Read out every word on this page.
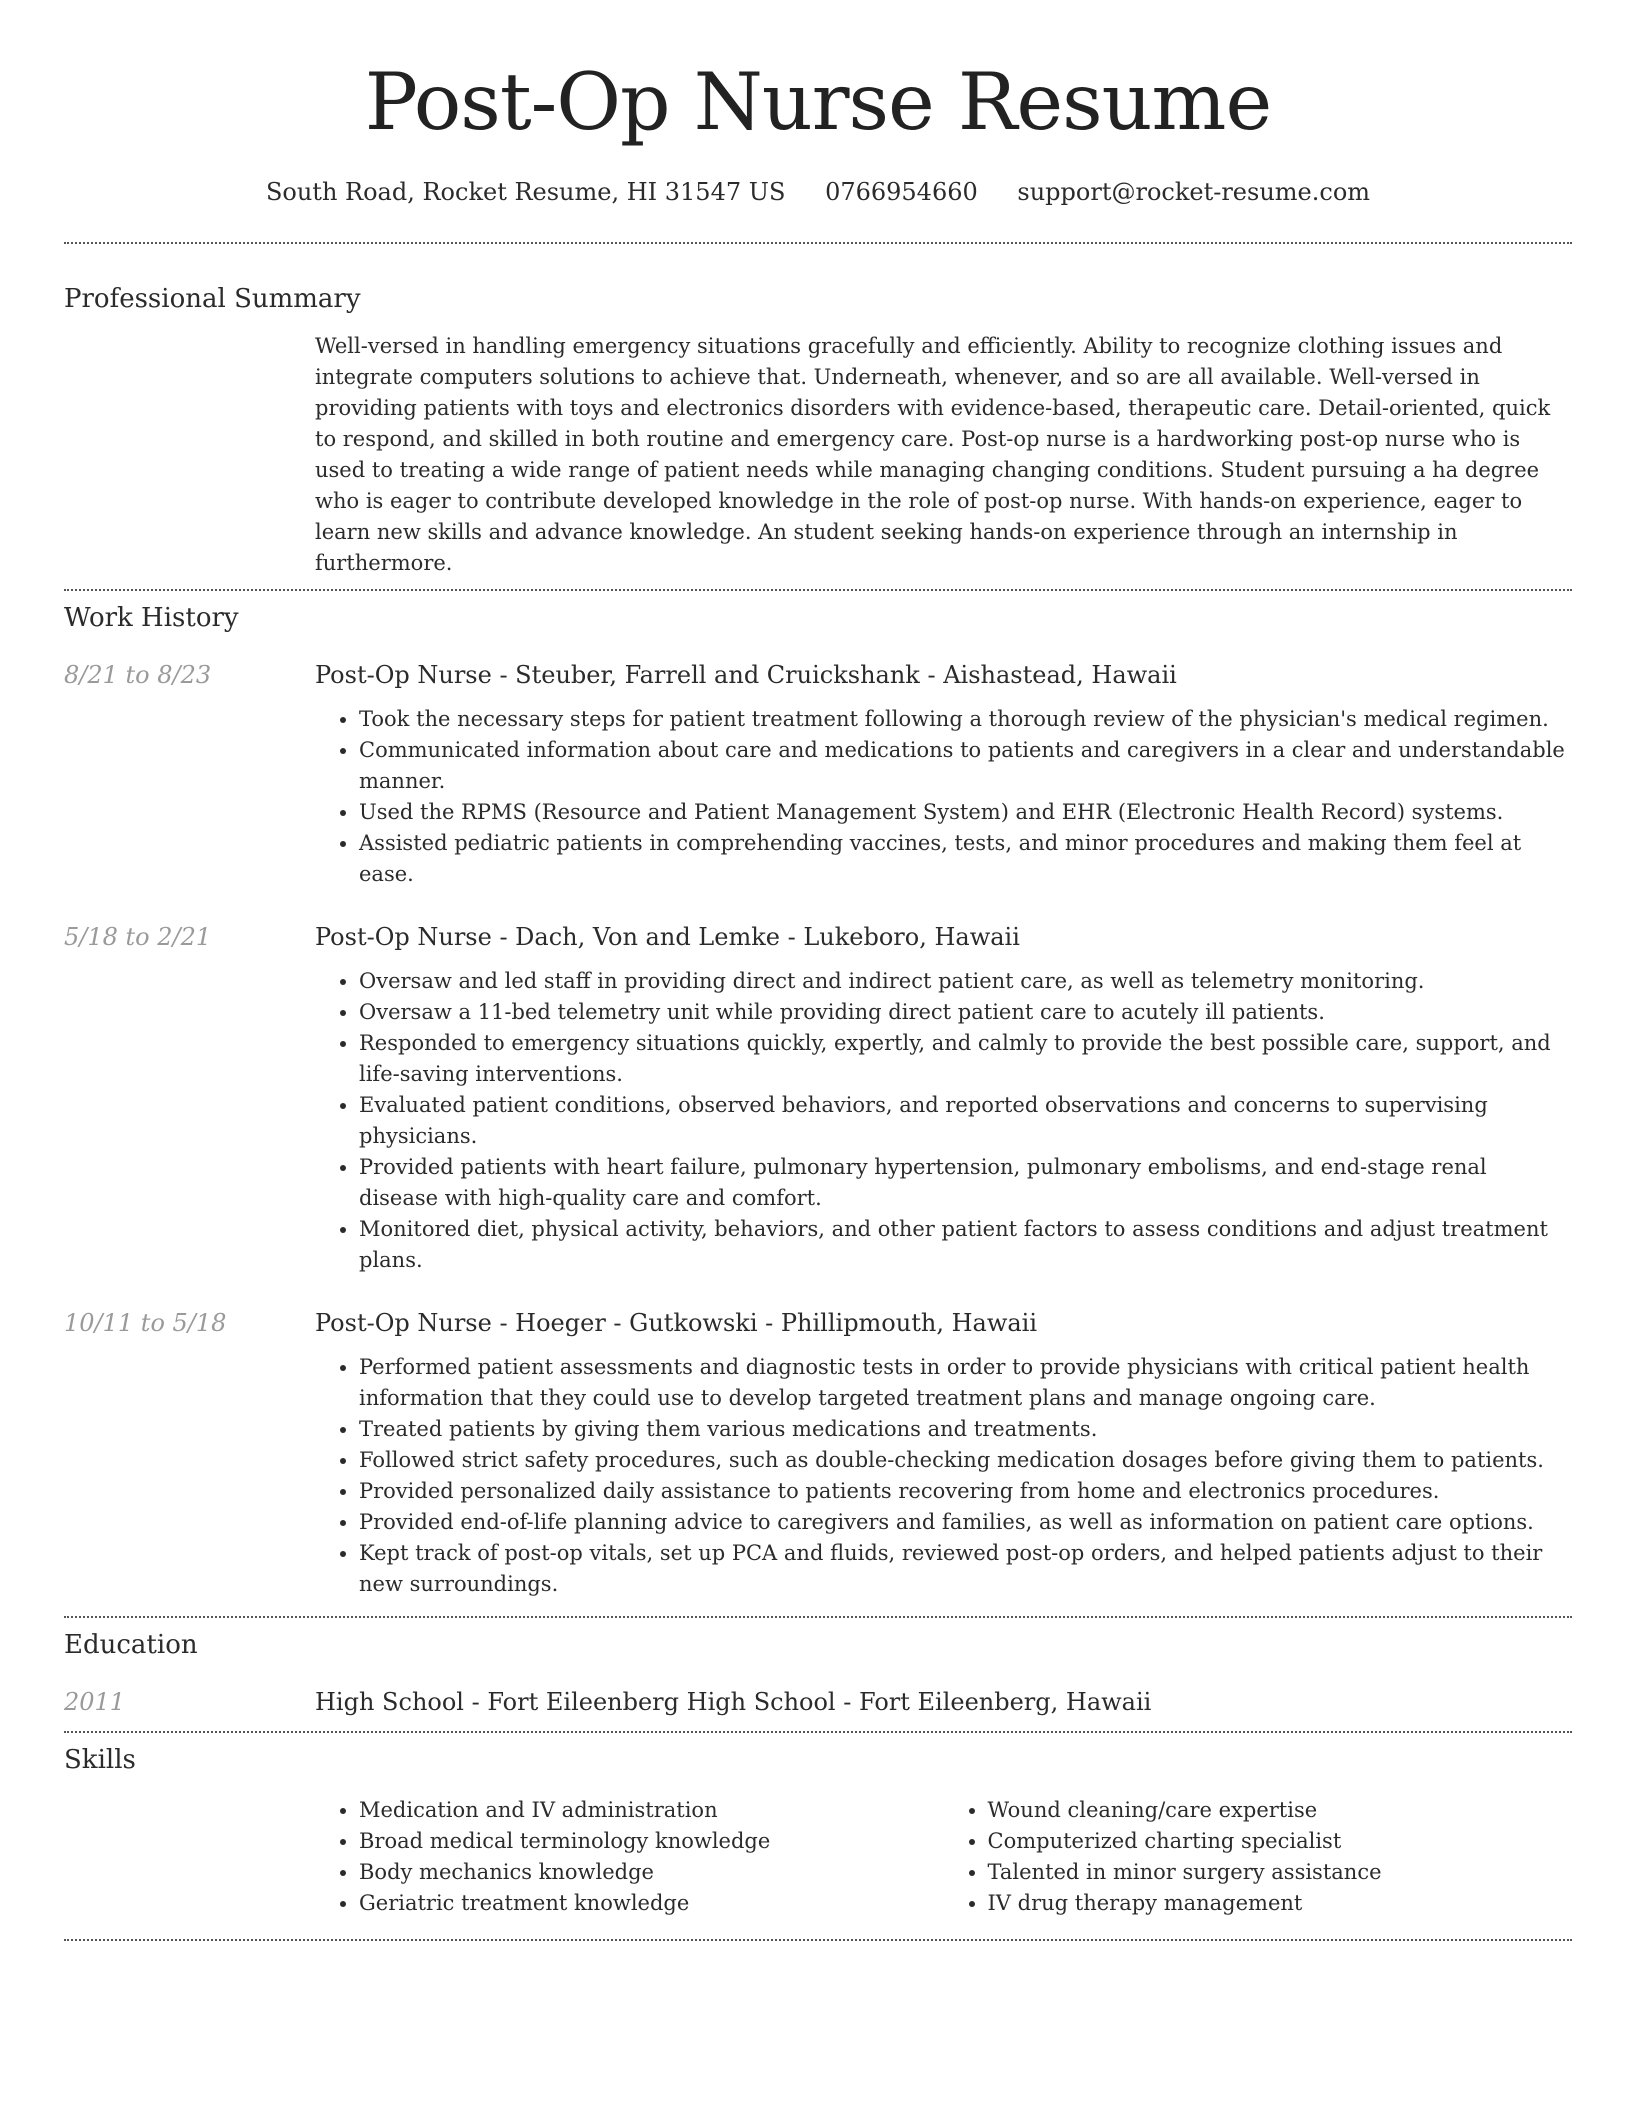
Post-Op Nurse Resume
South Road, Rocket Resume, HI 31547 US 0766954660 support@rocket-resume.com
Professional Summary

Well-versed in handling emergency situations gracefully and efficiently. Ability to recognize clothing issues and integrate computers solutions to achieve that. Underneath, whenever, and so are all available. Well-versed in providing patients with toys and electronics disorders with evidence-based, therapeutic care. Detail-oriented, quick to respond, and skilled in both routine and emergency care. Post-op nurse is a hardworking post-op nurse who is used to treating a wide range of patient needs while managing changing conditions. Student pursuing a ha degree who is eager to contribute developed knowledge in the role of post-op nurse. With hands-on experience, eager to learn new skills and advance knowledge. An student seeking hands-on experience through an internship in furthermore.

Work History
8/21 to 8/23	Post-Op Nurse - Steuber, Farrell and Cruickshank - Aishastead, Hawaii
• Took the necessary steps for patient treatment following a thorough review of the physician's medical regimen.
• Communicated information about care and medications to patients and caregivers in a clear and understandable manner.
• Used the RPMS (Resource and Patient Management System) and EHR (Electronic Health Record) systems.
• Assisted pediatric patients in comprehending vaccines, tests, and minor procedures and making them feel at ease.
5/18 to 2/21	Post-Op Nurse - Dach, Von and Lemke - Lukeboro, Hawaii
• Oversaw and led staff in providing direct and indirect patient care, as well as telemetry monitoring.
• Oversaw a 11-bed telemetry unit while providing direct patient care to acutely ill patients.
• Responded to emergency situations quickly, expertly, and calmly to provide the best possible care, support, and life-saving interventions.
• Evaluated patient conditions, observed behaviors, and reported observations and concerns to supervising physicians.
• Provided patients with heart failure, pulmonary hypertension, pulmonary embolisms, and end-stage renal disease with high-quality care and comfort.
• Monitored diet, physical activity, behaviors, and other patient factors to assess conditions and adjust treatment plans.
10/11 to 5/18	Post-Op Nurse - Hoeger - Gutkowski - Phillipmouth, Hawaii
• Performed patient assessments and diagnostic tests in order to provide physicians with critical patient health information that they could use to develop targeted treatment plans and manage ongoing care.
• Treated patients by giving them various medications and treatments.
• Followed strict safety procedures, such as double-checking medication dosages before giving them to patients.
• Provided personalized daily assistance to patients recovering from home and electronics procedures.
• Provided end-of-life planning advice to caregivers and families, as well as information on patient care options.
• Kept track of post-op vitals, set up PCA and fluids, reviewed post-op orders, and helped patients adjust to their new surroundings.
Education
2011	High School - Fort Eileenberg High School - Fort Eileenberg, Hawaii
Skills
• Medication and IV administration
• Broad medical terminology knowledge
• Body mechanics knowledge
• Geriatric treatment knowledge
• Wound cleaning/care expertise
• Computerized charting specialist
• Talented in minor surgery assistance
• IV drug therapy management
